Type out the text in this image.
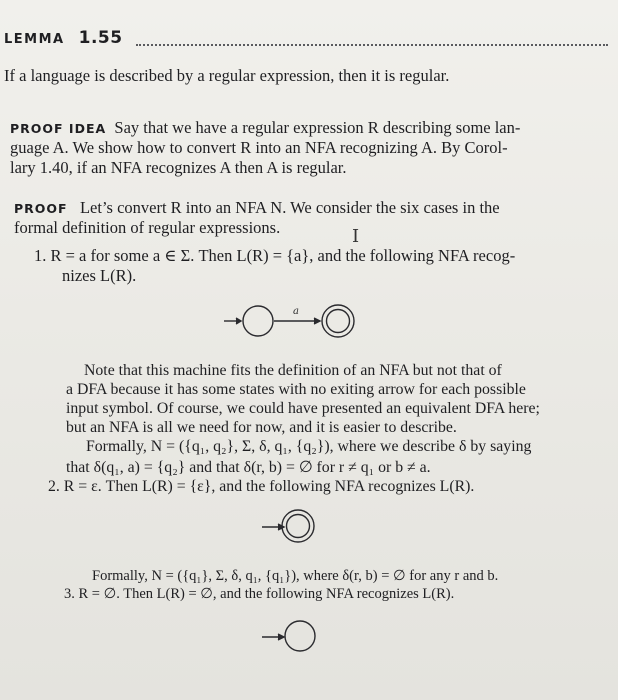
LEMMA 1.55
If a language is described by a regular expression, then it is regular.
PROOF IDEA Say that we have a regular expression R describing some lan-
guage A. We show how to convert R into an NFA recognizing A. By Corol-
lary 1.40, if an NFA recognizes A then A is regular.
PROOF Let’s convert R into an NFA N. We consider the six cases in the
formal definition of regular expressions.	I
1. R = a for some a ∈ Σ. Then L(R) = {a}, and the following NFA recog-
nizes L(R).
a
Note that this machine fits the definition of an NFA but not that of
a DFA because it has some states with no exiting arrow for each possible
input symbol. Of course, we could have presented an equivalent DFA here;
but an NFA is all we need for now, and it is easier to describe.
Formally, N = ({q₁, q₂}, Σ, δ, q₁, {q₂}), where we describe δ by saying
that δ(q₁, a) = {q₂} and that δ(r, b) = ∅ for r ≠ q₁ or b ≠ a.
2. R = ε. Then L(R) = {ε}, and the following NFA recognizes L(R).
Formally, N = ({q₁}, Σ, δ, q₁, {q₁}), where δ(r, b) = ∅ for any r and b.
3. R = ∅. Then L(R) = ∅, and the following NFA recognizes L(R).
